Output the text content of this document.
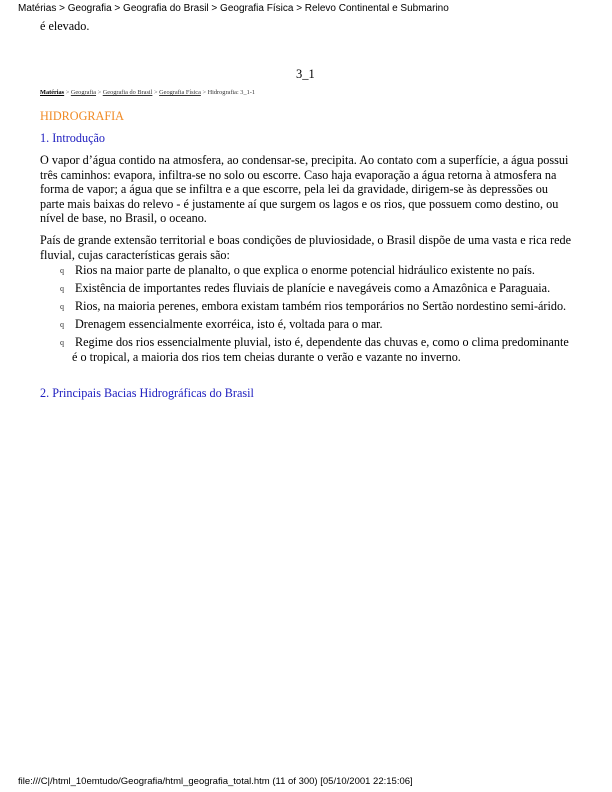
Matérias > Geografia > Geografia do Brasil > Geografia Física > Relevo Continental e Submarino
é elevado.
3_1
Matérias > Geografia > Geografia do Brasil > Geografia Física > Hidrografia: 3_1-1
HIDROGRAFIA
1. Introdução
O vapor d’água contido na atmosfera, ao condensar-se, precipita. Ao contato com a superfície, a água possui três caminhos: evapora, infiltra-se no solo ou escorre. Caso haja evaporação a água retorna à atmosfera na forma de vapor; a água que se infiltra e a que escorre, pela lei da gravidade, dirigem-se às depressões ou parte mais baixas do relevo - é justamente aí que surgem os lagos e os rios, que possuem como destino, ou nível de base, no Brasil, o oceano.
País de grande extensão territorial e boas condições de pluviosidade, o Brasil dispõe de uma vasta e rica rede fluvial, cujas características gerais são:
q Rios na maior parte de planalto, o que explica o enorme potencial hidráulico existente no país.
q Existência de importantes redes fluviais de planície e navegáveis como a Amazônica e Paraguaia.
q Rios, na maioria perenes, embora existam também rios temporários no Sertão nordestino semi-árido.
q Drenagem essencialmente exorréica, isto é, voltada para o mar.
q Regime dos rios essencialmente pluvial, isto é, dependente das chuvas e, como o clima predominante é o tropical, a maioria dos rios tem cheias durante o verão e vazante no inverno.
2. Principais Bacias Hidrográficas do Brasil
file:///C|/html_10emtudo/Geografia/html_geografia_total.htm (11 of 300) [05/10/2001 22:15:06]
